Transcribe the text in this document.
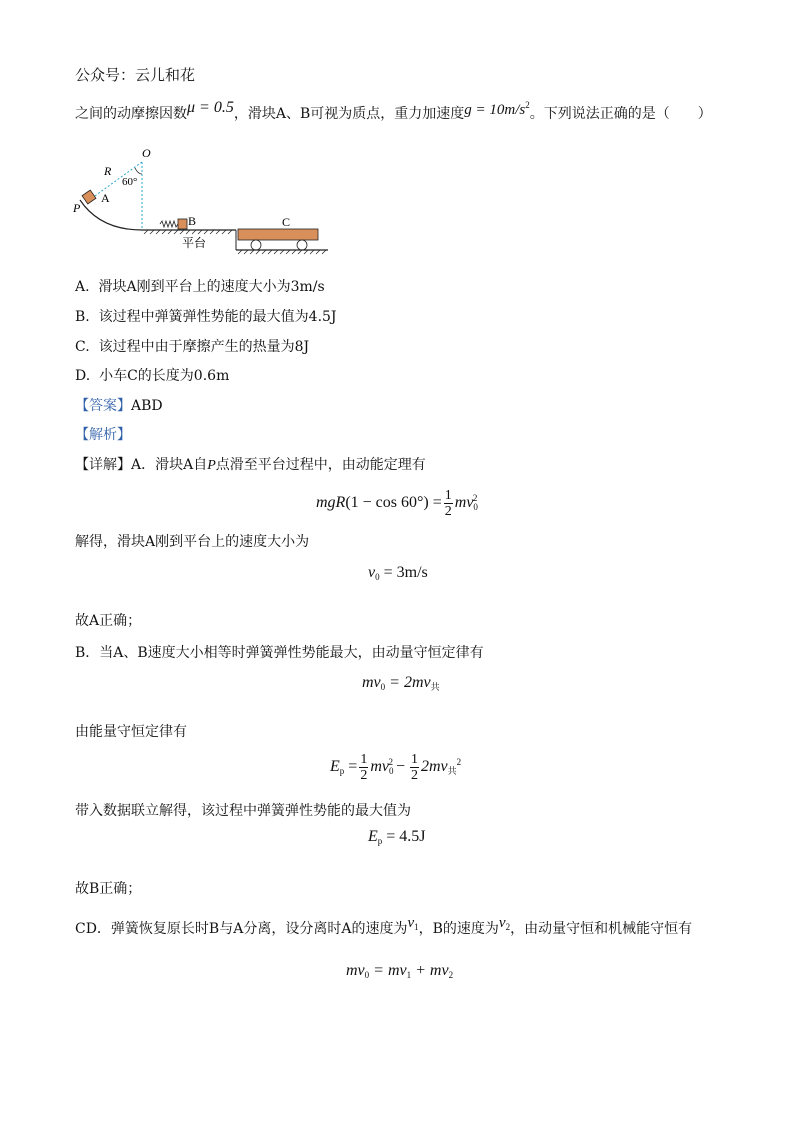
公众号：云儿和花
之间的动摩擦因数μ = 0.5，滑块A、B可视为质点，重力加速度$g = 10m/s^2$。下列说法正确的是（　　）
O
R
60°
A
P
B	C
平台
A. 滑块A刚到平台上的速度大小为3m/s
B. 该过程中弹簧弹性势能的最大值为4.5J
C. 该过程中由于摩擦产生的热量为8J
D. 小车C的长度为0.6m
【答案】ABD
【解析】
【详解】A．滑块A自P点滑至平台过程中，由动能定理有
$mgR(1 - \cos 60^\circ) = \frac{1}{2} mv_0^2$
解得，滑块A刚到平台上的速度大小为
$v_0 = 3m/s$
故A正确；
B．当A、B速度大小相等时弹簧弹性势能最大，由动量守恒定律有
$mv_0 = 2mv_共$
由能量守恒定律有
$E_p = \frac{1}{2} mv_0^2 - \frac{1}{2} 2mv_共^2$
带入数据联立解得，该过程中弹簧弹性势能的最大值为
$E_p = 4.5J$
故B正确；
CD．弹簧恢复原长时B与A分离，设分离时A的速度为$v_1$，B的速度为$v_2$，由动量守恒和机械能守恒有
$mv_0 = mv_1 + mv_2$
